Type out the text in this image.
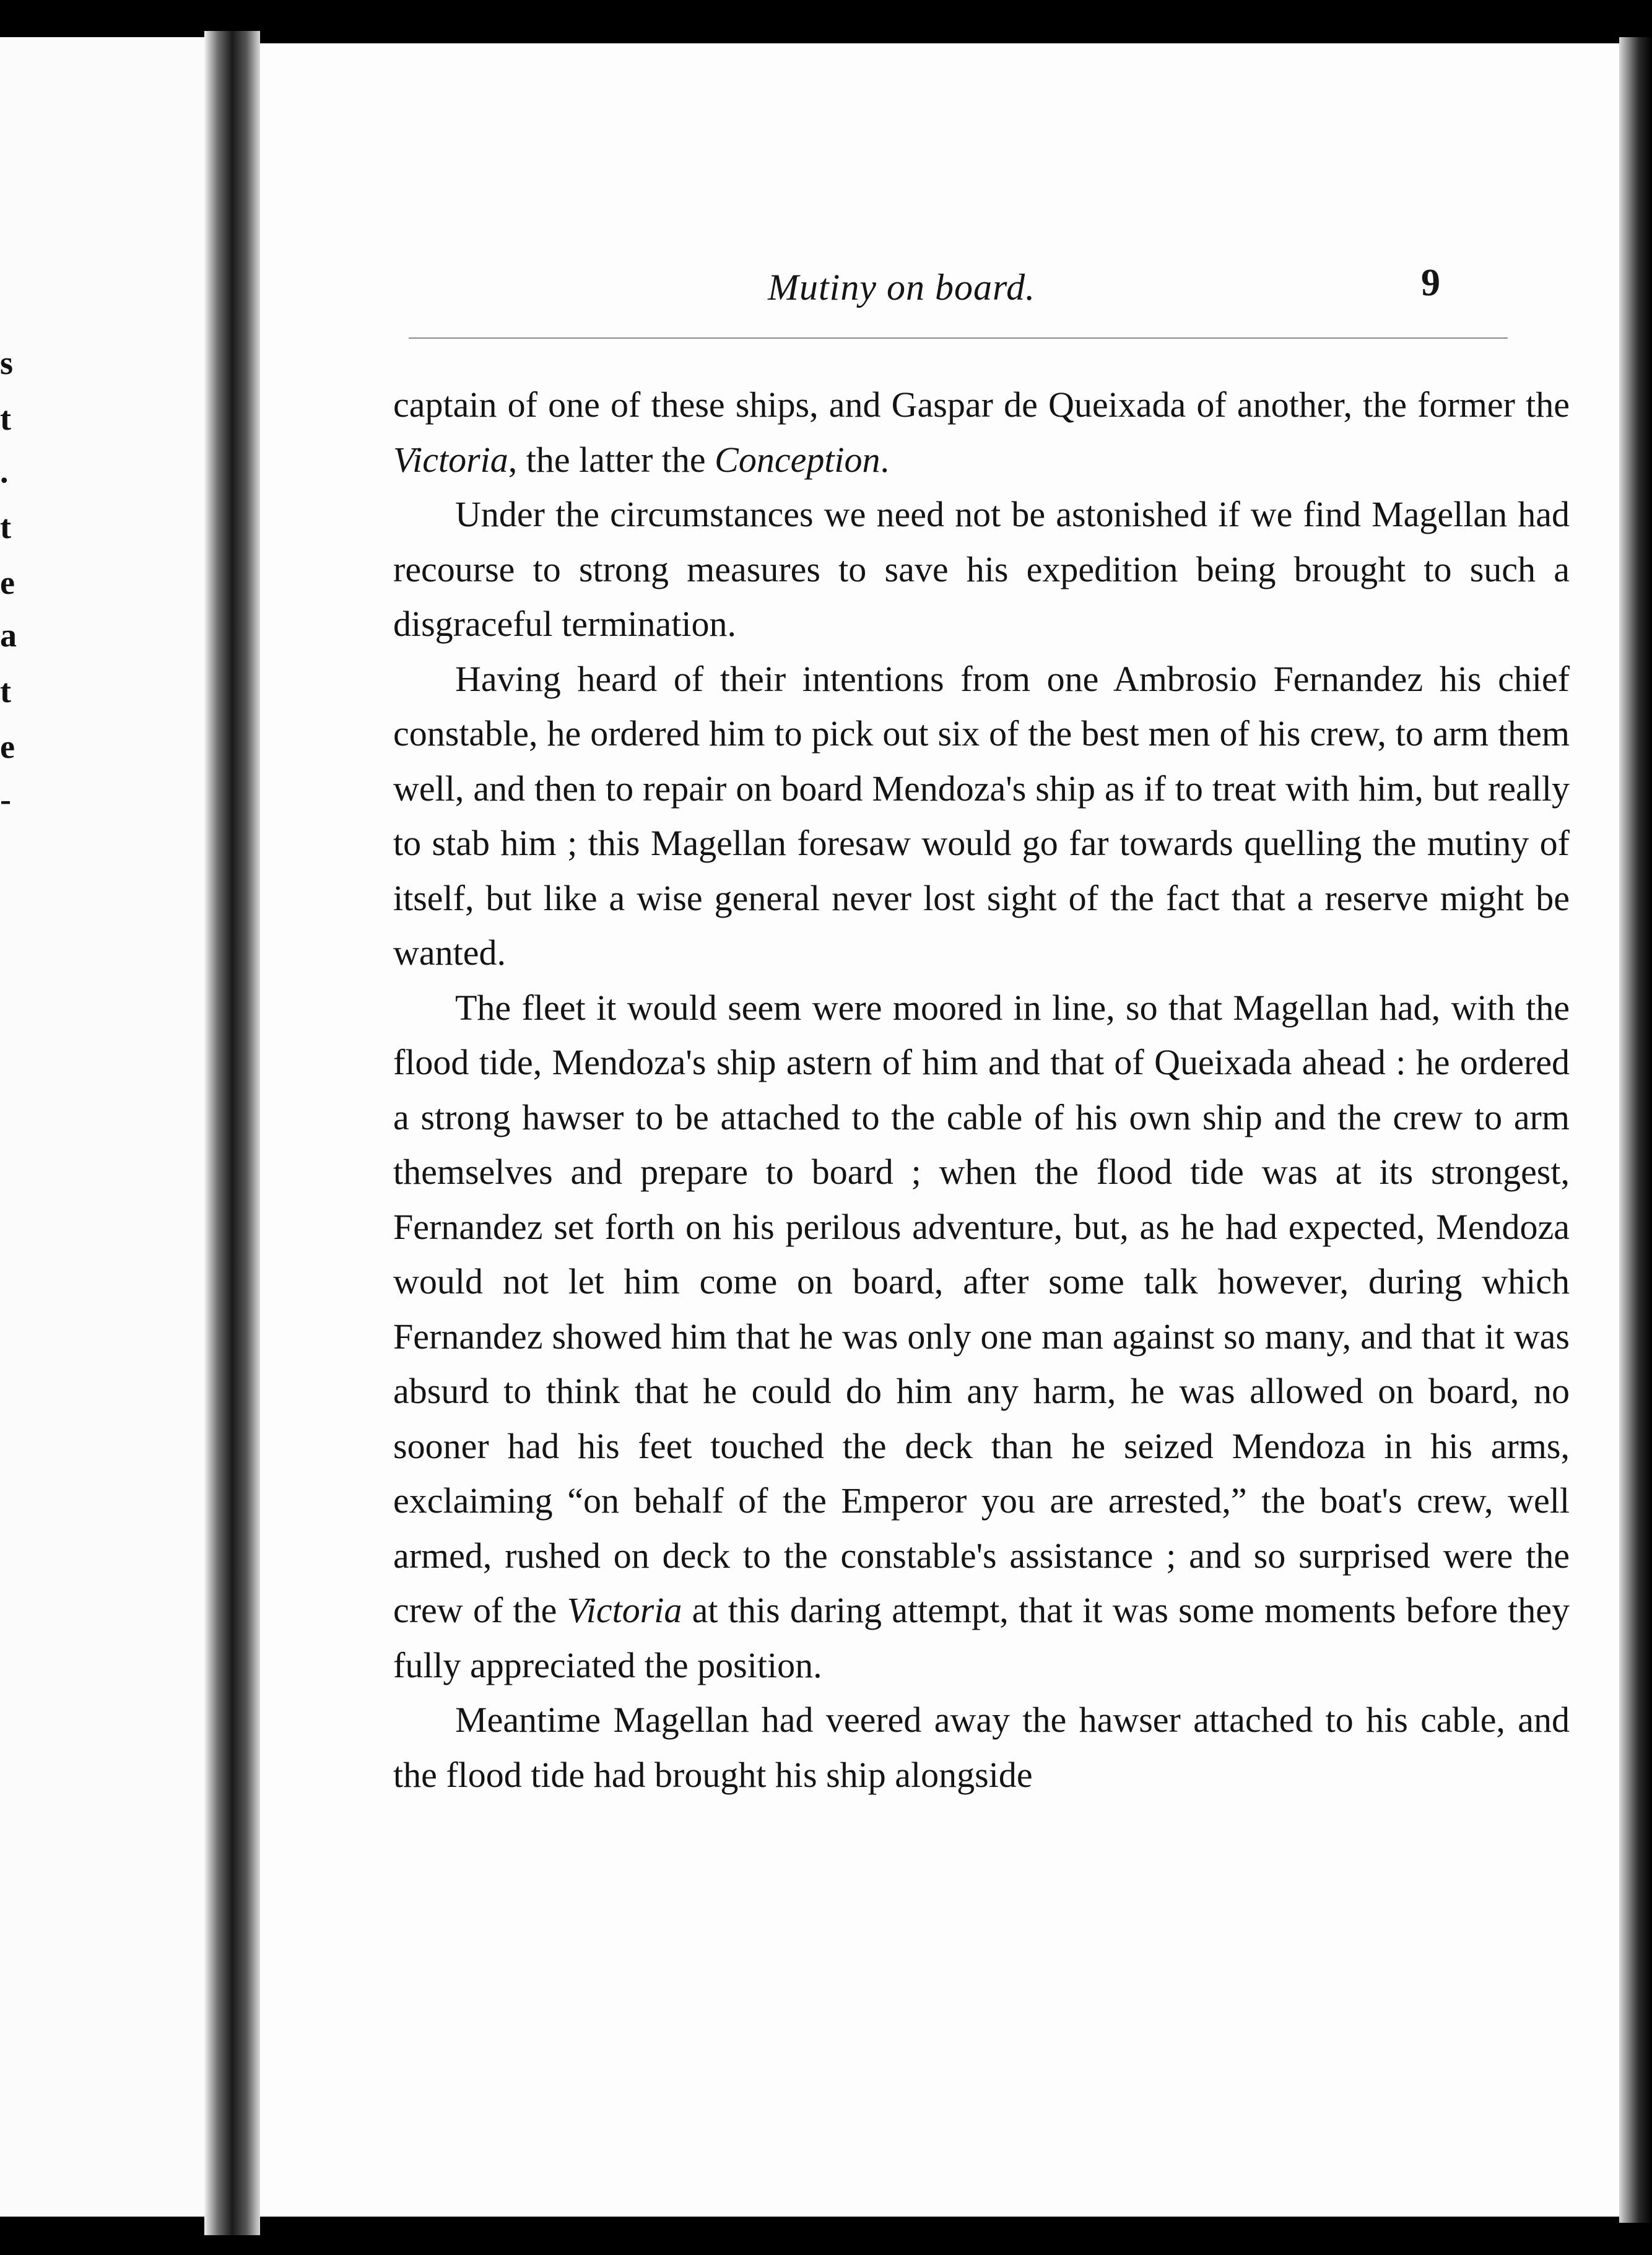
s
t
.
t
e
a
t
e
-
Mutiny on board.	9

captain of one of these ships, and Gaspar de Queixada of another, the former the Victoria, the latter the Conception.

Under the circumstances we need not be astonished if we find Magellan had recourse to strong measures to save his expedition being brought to such a disgraceful termination.

Having heard of their intentions from one Ambrosio Fernandez his chief constable, he ordered him to pick out six of the best men of his crew, to arm them well, and then to repair on board Mendoza's ship as if to treat with him, but really to stab him ; this Magellan foresaw would go far towards quelling the mutiny of itself, but like a wise general never lost sight of the fact that a reserve might be wanted.

The fleet it would seem were moored in line, so that Magellan had, with the flood tide, Mendoza's ship astern of him and that of Queixada ahead : he ordered a strong hawser to be attached to the cable of his own ship and the crew to arm themselves and prepare to board ; when the flood tide was at its strongest, Fernandez set forth on his perilous adventure, but, as he had expected, Mendoza would not let him come on board, after some talk however, during which Fernandez showed him that he was only one man against so many, and that it was absurd to think that he could do him any harm, he was allowed on board, no sooner had his feet touched the deck than he seized Mendoza in his arms, exclaiming “on behalf of the Emperor you are arrested,” the boat's crew, well armed, rushed on deck to the constable's assistance ; and so surprised were the crew of the Victoria at this daring attempt, that it was some moments before they fully appreciated the position.

Meantime Magellan had veered away the hawser attached to his cable, and the flood tide had brought his ship alongside
